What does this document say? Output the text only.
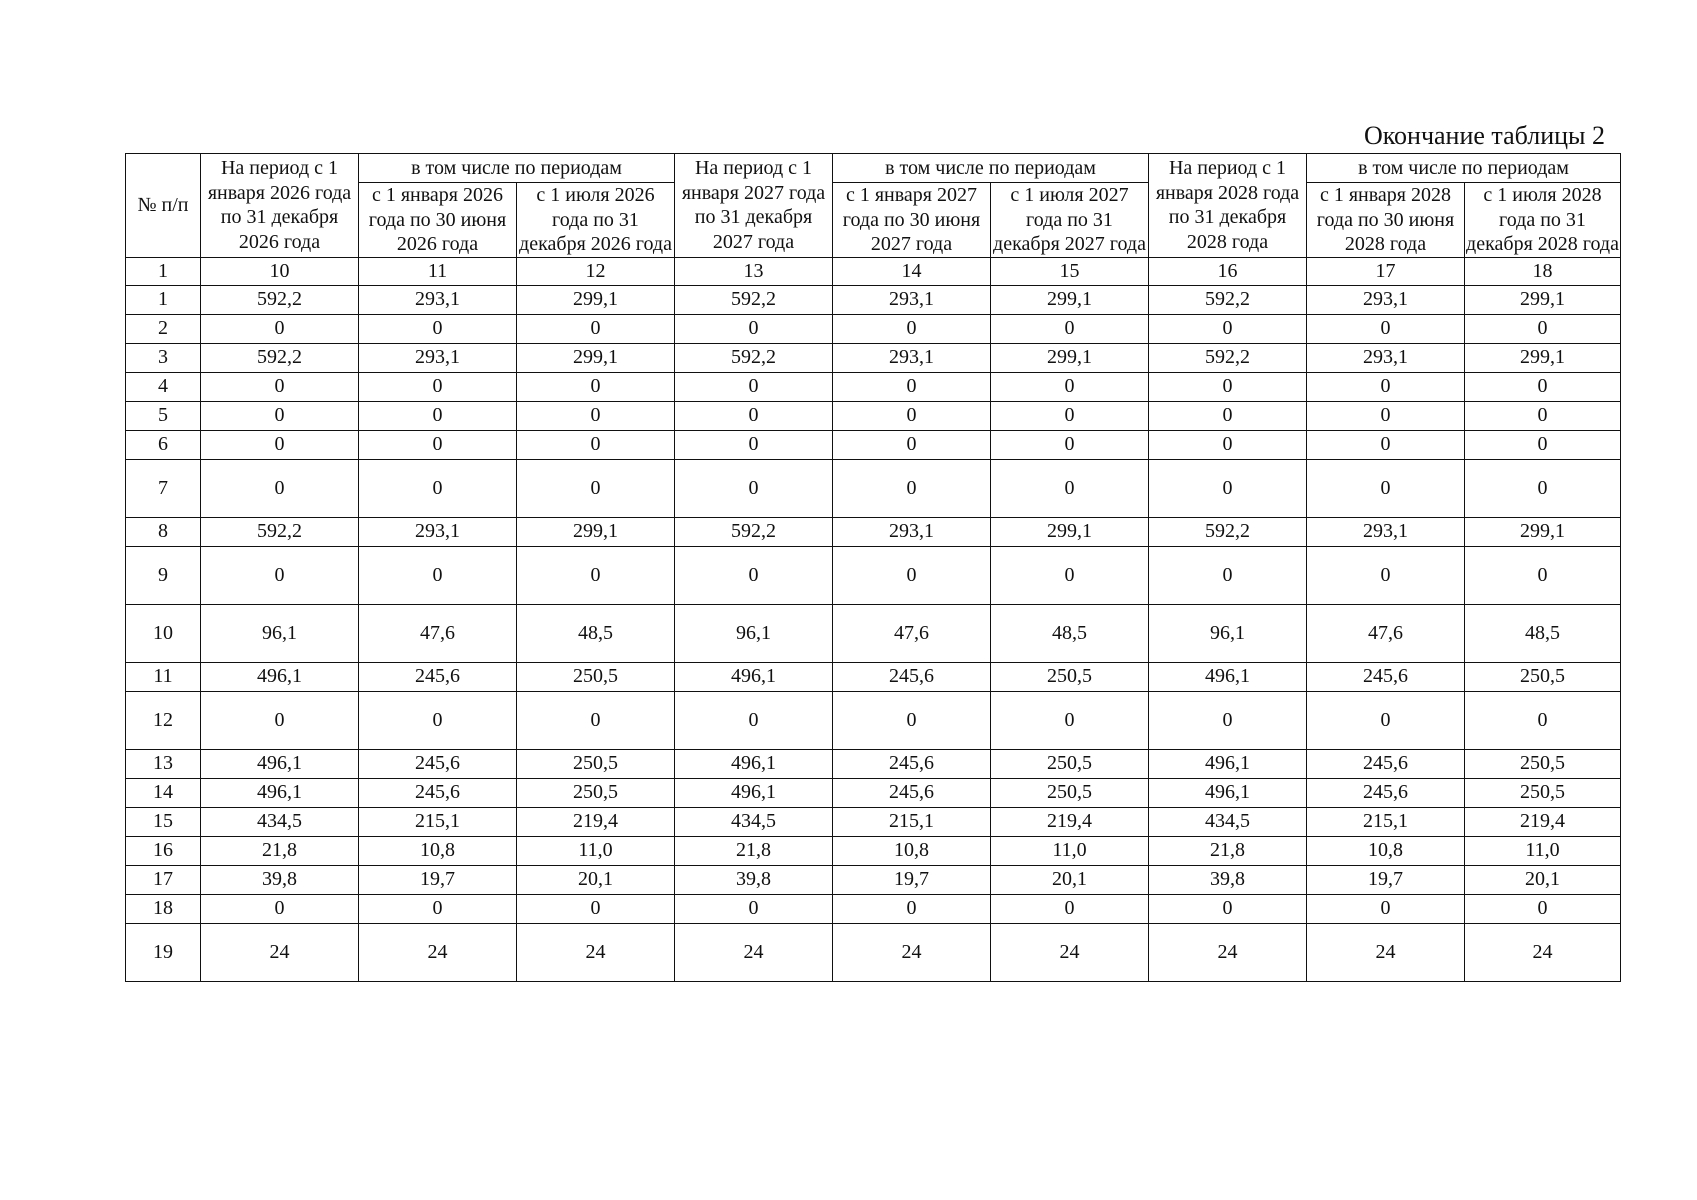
Окончание таблицы 2
№ п/п	На период с 1 января 2026 года по 31 декабря 2026 года	в том числе по периодам		На период с 1 января 2027 года по 31 декабря 2027 года	в том числе по периодам		На период с 1 января 2028 года по 31 декабря 2028 года	в том числе по периодам	
		с 1 января 2026 года по 30 июня 2026 года	с 1 июля 2026 года по 31 декабря 2026 года		с 1 января 2027 года по 30 июня 2027 года	с 1 июля 2027 года по 31 декабря 2027 года		с 1 января 2028 года по 30 июня 2028 года	с 1 июля 2028 года по 31 декабря 2028 года
1	10	11	12	13	14	15	16	17	18
1	592,2	293,1	299,1	592,2	293,1	299,1	592,2	293,1	299,1
2	0	0	0	0	0	0	0	0	0
3	592,2	293,1	299,1	592,2	293,1	299,1	592,2	293,1	299,1
4	0	0	0	0	0	0	0	0	0
5	0	0	0	0	0	0	0	0	0
6	0	0	0	0	0	0	0	0	0
7	0	0	0	0	0	0	0	0	0
8	592,2	293,1	299,1	592,2	293,1	299,1	592,2	293,1	299,1
9	0	0	0	0	0	0	0	0	0
10	96,1	47,6	48,5	96,1	47,6	48,5	96,1	47,6	48,5
11	496,1	245,6	250,5	496,1	245,6	250,5	496,1	245,6	250,5
12	0	0	0	0	0	0	0	0	0
13	496,1	245,6	250,5	496,1	245,6	250,5	496,1	245,6	250,5
14	496,1	245,6	250,5	496,1	245,6	250,5	496,1	245,6	250,5
15	434,5	215,1	219,4	434,5	215,1	219,4	434,5	215,1	219,4
16	21,8	10,8	11,0	21,8	10,8	11,0	21,8	10,8	11,0
17	39,8	19,7	20,1	39,8	19,7	20,1	39,8	19,7	20,1
18	0	0	0	0	0	0	0	0	0
19	24	24	24	24	24	24	24	24	24
